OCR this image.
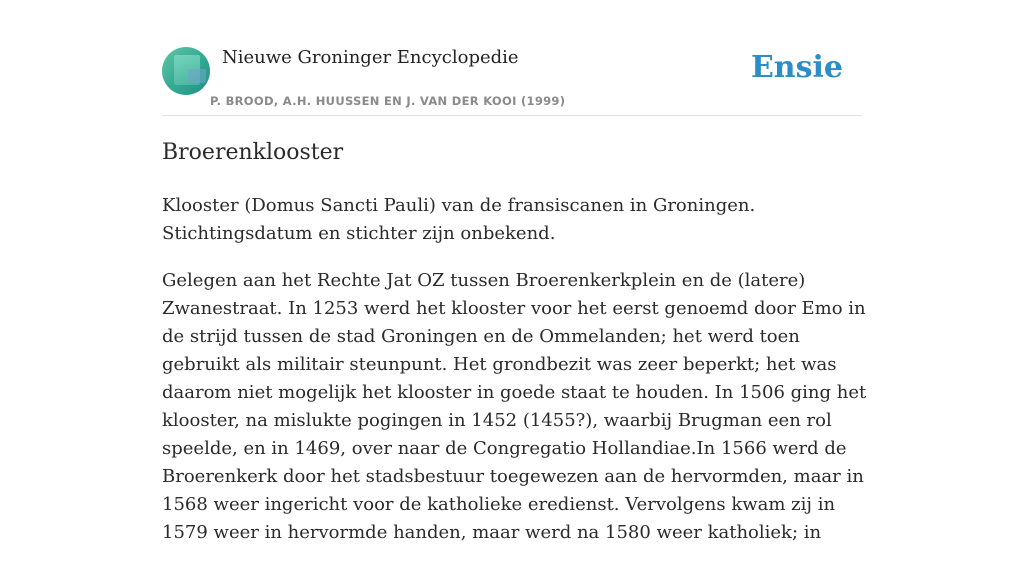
Nieuwe Groninger Encyclopedie
P. BROOD, A.H. HUUSSEN EN J. VAN DER KOOI (1999)
Ensie
Broerenklooster

Klooster (Domus Sancti Pauli) van de fransiscanen in Groningen. Stichtingsdatum en stichter zijn onbekend.

Gelegen aan het Rechte Jat OZ tussen Broerenkerkplein en de (latere) Zwanestraat. In 1253 werd het klooster voor het eerst genoemd door Emo in de strijd tussen de stad Groningen en de Ommelanden; het werd toen gebruikt als militair steunpunt. Het grondbezit was zeer beperkt; het was daarom niet mogelijk het klooster in goede staat te houden. In 1506 ging het klooster, na mislukte pogingen in 1452 (1455?), waarbij Brugman een rol speelde, en in 1469, over naar de Congregatio Hollandiae.In 1566 werd de Broerenkerk door het stadsbestuur toegewezen aan de hervormden, maar in 1568 weer ingericht voor de katholieke eredienst. Vervolgens kwam zij in 1579 weer in hervormde handen, maar werd na 1580 weer katholiek; in
